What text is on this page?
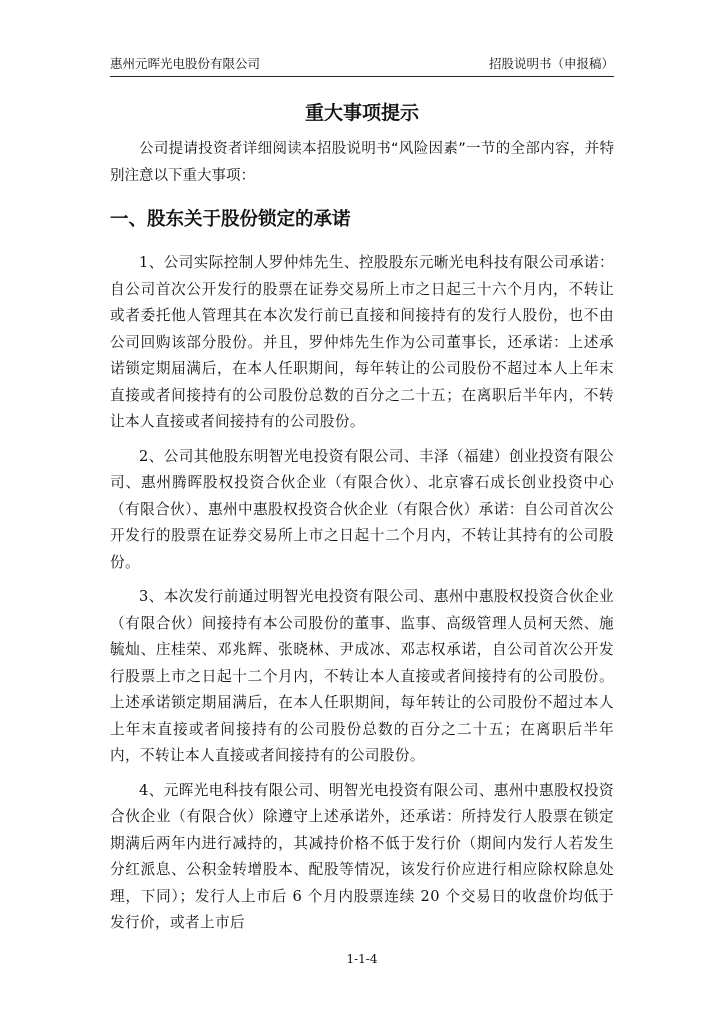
惠州元晖光电股份有限公司	招股说明书（申报稿）
重大事项提示
公司提请投资者详细阅读本招股说明书“风险因素”一节的全部内容，并特别注意以下重大事项：
一、股东关于股份锁定的承诺

1、公司实际控制人罗仲炜先生、控股股东元晰光电科技有限公司承诺：自公司首次公开发行的股票在证券交易所上市之日起三十六个月内，不转让或者委托他人管理其在本次发行前已直接和间接持有的发行人股份，也不由公司回购该部分股份。并且，罗仲炜先生作为公司董事长，还承诺：上述承诺锁定期届满后，在本人任职期间，每年转让的公司股份不超过本人上年末直接或者间接持有的公司股份总数的百分之二十五；在离职后半年内，不转让本人直接或者间接持有的公司股份。

2、公司其他股东明智光电投资有限公司、丰泽（福建）创业投资有限公司、惠州腾晖股权投资合伙企业（有限合伙）、北京睿石成长创业投资中心（有限合伙）、惠州中惠股权投资合伙企业（有限合伙）承诺：自公司首次公开发行的股票在证券交易所上市之日起十二个月内，不转让其持有的公司股份。

3、本次发行前通过明智光电投资有限公司、惠州中惠股权投资合伙企业（有限合伙）间接持有本公司股份的董事、监事、高级管理人员柯天然、施毓灿、庄桂荣、邓兆辉、张晓林、尹成冰、邓志权承诺，自公司首次公开发行股票上市之日起十二个月内，不转让本人直接或者间接持有的公司股份。上述承诺锁定期届满后，在本人任职期间，每年转让的公司股份不超过本人上年末直接或者间接持有的公司股份总数的百分之二十五；在离职后半年内，不转让本人直接或者间接持有的公司股份。

4、元晖光电科技有限公司、明智光电投资有限公司、惠州中惠股权投资合伙企业（有限合伙）除遵守上述承诺外，还承诺：所持发行人股票在锁定期满后两年内进行减持的，其减持价格不低于发行价（期间内发行人若发生分红派息、公积金转增股本、配股等情况，该发行价应进行相应除权除息处理，下同）；发行人上市后 6 个月内股票连续 20 个交易日的收盘价均低于发行价，或者上市后

1-1-4
